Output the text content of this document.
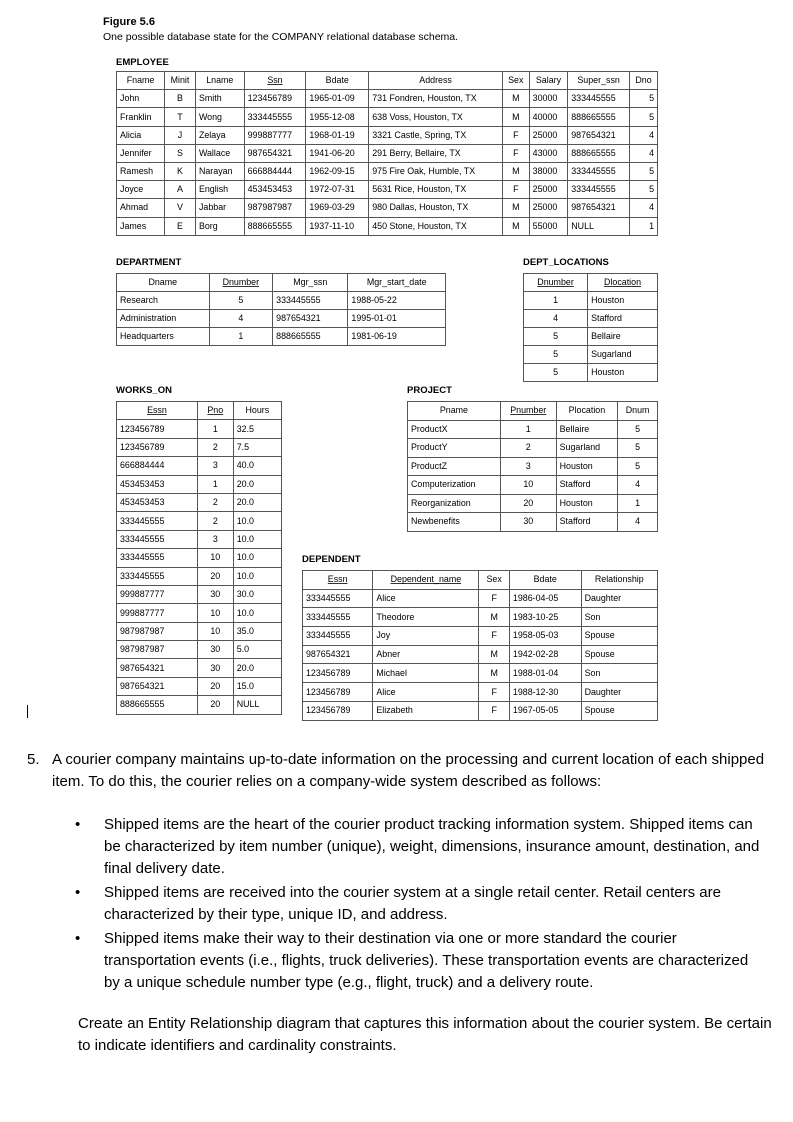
Figure 5.6
One possible database state for the COMPANY relational database schema.
EMPLOYEE
Fname	Minit	Lname	Ssn	Bdate	Address	Sex	Salary	Super_ssn	Dno
John	B	Smith	123456789	1965-01-09	731 Fondren, Houston, TX	M	30000	333445555	5
Franklin	T	Wong	333445555	1955-12-08	638 Voss, Houston, TX	M	40000	888665555	5
Alicia	J	Zelaya	999887777	1968-01-19	3321 Castle, Spring, TX	F	25000	987654321	4
Jennifer	S	Wallace	987654321	1941-06-20	291 Berry, Bellaire, TX	F	43000	888665555	4
Ramesh	K	Narayan	666884444	1962-09-15	975 Fire Oak, Humble, TX	M	38000	333445555	5
Joyce	A	English	453453453	1972-07-31	5631 Rice, Houston, TX	F	25000	333445555	5
Ahmad	V	Jabbar	987987987	1969-03-29	980 Dallas, Houston, TX	M	25000	987654321	4
James	E	Borg	888665555	1937-11-10	450 Stone, Houston, TX	M	55000	NULL	1
DEPARTMENT
Dname	Dnumber	Mgr_ssn	Mgr_start_date
Research	5	333445555	1988-05-22
Administration	4	987654321	1995-01-01
Headquarters	1	888665555	1981-06-19
DEPT_LOCATIONS
Dnumber	Dlocation
1	Houston
4	Stafford
5	Bellaire
5	Sugarland
5	Houston
WORKS_ON
Essn	Pno	Hours
123456789	1	32.5
123456789	2	7.5
666884444	3	40.0
453453453	1	20.0
453453453	2	20.0
333445555	2	10.0
333445555	3	10.0
333445555	10	10.0
333445555	20	10.0
999887777	30	30.0
999887777	10	10.0
987987987	10	35.0
987987987	30	5.0
987654321	30	20.0
987654321	20	15.0
888665555	20	NULL
PROJECT
Pname	Pnumber	Plocation	Dnum
ProductX	1	Bellaire	5
ProductY	2	Sugarland	5
ProductZ	3	Houston	5
Computerization	10	Stafford	4
Reorganization	20	Houston	1
Newbenefits	30	Stafford	4
DEPENDENT
Essn	Dependent_name	Sex	Bdate	Relationship
333445555	Alice	F	1986-04-05	Daughter
333445555	Theodore	M	1983-10-25	Son
333445555	Joy	F	1958-05-03	Spouse
987654321	Abner	M	1942-02-28	Spouse
123456789	Michael	M	1988-01-04	Son
123456789	Alice	F	1988-12-30	Daughter
123456789	Elizabeth	F	1967-05-05	Spouse
5. A courier company maintains up-to-date information on the processing and current location of each shipped item. To do this, the courier relies on a company-wide system described as follows:
• Shipped items are the heart of the courier product tracking information system. Shipped items can be characterized by item number (unique), weight, dimensions, insurance amount, destination, and final delivery date.
• Shipped items are received into the courier system at a single retail center. Retail centers are characterized by their type, unique ID, and address.
• Shipped items make their way to their destination via one or more standard the courier transportation events (i.e., flights, truck deliveries). These transportation events are characterized by a unique schedule number type (e.g., flight, truck) and a delivery route.
Create an Entity Relationship diagram that captures this information about the courier system. Be certain to indicate identifiers and cardinality constraints.
